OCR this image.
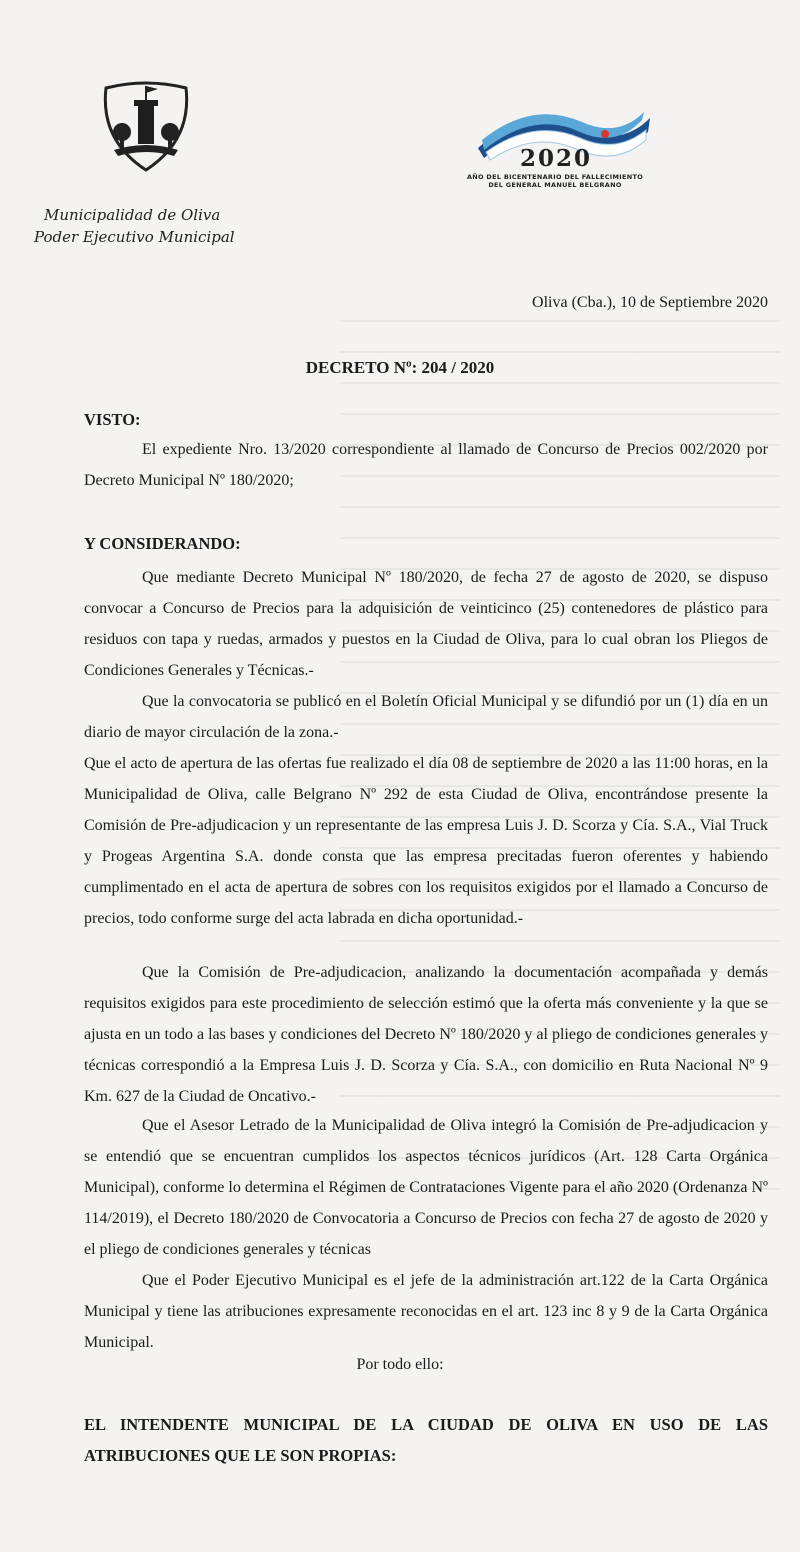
Municipalidad de Oliva
Poder Ejecutivo Municipal
2020
AÑO DEL BICENTENARIO DEL FALLECIMIENTO
DEL GENERAL MANUEL BELGRANO
Oliva (Cba.), 10 de Septiembre 2020
DECRETO Nº: 204 / 2020
VISTO:
El expediente Nro. 13/2020 correspondiente al llamado de Concurso de Precios 002/2020 por Decreto Municipal Nº 180/2020;
Y CONSIDERANDO:
Que mediante Decreto Municipal Nº 180/2020, de fecha 27 de agosto de 2020, se dispuso convocar a Concurso de Precios para la adquisición de veinticinco (25) contenedores de plástico para residuos con tapa y ruedas, armados y puestos en la Ciudad de Oliva, para lo cual obran los Pliegos de Condiciones Generales y Técnicas.-
Que la convocatoria se publicó en el Boletín Oficial Municipal y se difundió por un (1) día en un diario de mayor circulación de la zona.-
Que el acto de apertura de las ofertas fue realizado el día 08 de septiembre de 2020 a las 11:00 horas, en la Municipalidad de Oliva, calle Belgrano Nº 292 de esta Ciudad de Oliva, encontrándose presente la Comisión de Pre-adjudicacion y un representante de las empresa Luis J. D. Scorza y Cía. S.A., Vial Truck y Progeas Argentina S.A. donde consta que las empresa precitadas fueron oferentes y habiendo cumplimentado en el acta de apertura de sobres con los requisitos exigidos por el llamado a Concurso de precios, todo conforme surge del acta labrada en dicha oportunidad.-
Que la Comisión de Pre-adjudicacion, analizando la documentación acompañada y demás requisitos exigidos para este procedimiento de selección estimó que la oferta más conveniente y la que se ajusta en un todo a las bases y condiciones del Decreto Nº 180/2020 y al pliego de condiciones generales y técnicas correspondió a la Empresa Luis J. D. Scorza y Cía. S.A., con domicilio en Ruta Nacional Nº 9 Km. 627 de la Ciudad de Oncativo.-
Que el Asesor Letrado de la Municipalidad de Oliva integró la Comisión de Pre-adjudicacion y se entendió que se encuentran cumplidos los aspectos técnicos jurídicos (Art. 128 Carta Orgánica Municipal), conforme lo determina el Régimen de Contrataciones Vigente para el año 2020 (Ordenanza Nº 114/2019), el Decreto 180/2020 de Convocatoria a Concurso de Precios con fecha 27 de agosto de 2020 y el pliego de condiciones generales y técnicas
Que el Poder Ejecutivo Municipal es el jefe de la administración art.122 de la Carta Orgánica Municipal y tiene las atribuciones expresamente reconocidas en el art. 123 inc 8 y 9 de la Carta Orgánica Municipal.
Por todo ello:
EL INTENDENTE MUNICIPAL DE LA CIUDAD DE OLIVA EN USO DE LAS ATRIBUCIONES QUE LE SON PROPIAS:
